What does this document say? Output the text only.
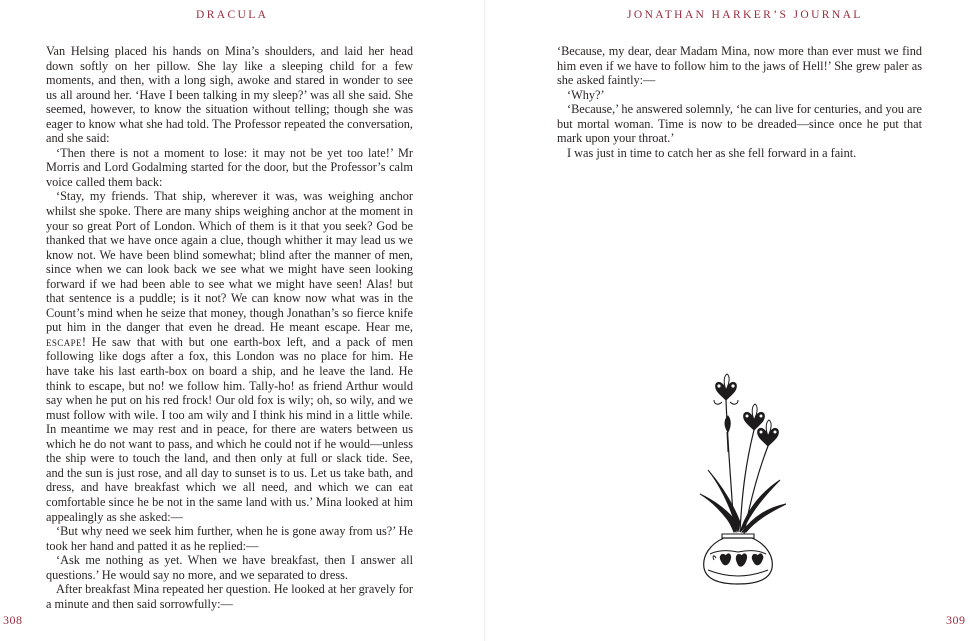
DRACULA

Van Helsing placed his hands on Mina’s shoulders, and laid her head down softly on her pillow. She lay like a sleeping child for a few moments, and then, with a long sigh, awoke and stared in wonder to see us all around her. ‘Have I been talking in my sleep?’ was all she said. She seemed, however, to know the situation without telling; though she was eager to know what she had told. The Professor repeated the conversation, and she said:

‘Then there is not a moment to lose: it may not be yet too late!’ Mr Morris and Lord Godalming started for the door, but the Professor’s calm voice called them back:

‘Stay, my friends. That ship, wherever it was, was weighing anchor whilst she spoke. There are many ships weighing anchor at the moment in your so great Port of London. Which of them is it that you seek? God be thanked that we have once again a clue, though whither it may lead us we know not. We have been blind somewhat; blind after the manner of men, since when we can look back we see what we might have seen looking forward if we had been able to see what we might have seen! Alas! but that sentence is a puddle; is it not? We can know now what was in the Count’s mind when he seize that money, though Jonathan’s so fierce knife put him in the danger that even he dread. He meant escape. Hear me, escape! He saw that with but one earth-box left, and a pack of men following like dogs after a fox, this London was no place for him. He have take his last earth-box on board a ship, and he leave the land. He think to escape, but no! we follow him. Tally-ho! as friend Arthur would say when he put on his red frock! Our old fox is wily; oh, so wily, and we must follow with wile. I too am wily and I think his mind in a little while. In meantime we may rest and in peace, for there are waters between us which he do not want to pass, and which he could not if he would—unless the ship were to touch the land, and then only at full or slack tide. See, and the sun is just rose, and all day to sunset is to us. Let us take bath, and dress, and have breakfast which we all need, and which we can eat comfortable since he be not in the same land with us.’ Mina looked at him appealingly as she asked:—

‘But why need we seek him further, when he is gone away from us?’ He took her hand and patted it as he replied:—

‘Ask me nothing as yet. When we have breakfast, then I answer all questions.’ He would say no more, and we separated to dress.

After breakfast Mina repeated her question. He looked at her gravely for a minute and then said sorrowfully:—

308
JONATHAN HARKER’S JOURNAL

‘Because, my dear, dear Madam Mina, now more than ever must we find him even if we have to follow him to the jaws of Hell!’ She grew paler as she asked faintly:—

‘Why?’

‘Because,’ he answered solemnly, ‘he can live for centuries, and you are but mortal woman. Time is now to be dreaded—since once he put that mark upon your throat.’

I was just in time to catch her as she fell forward in a faint.

309
